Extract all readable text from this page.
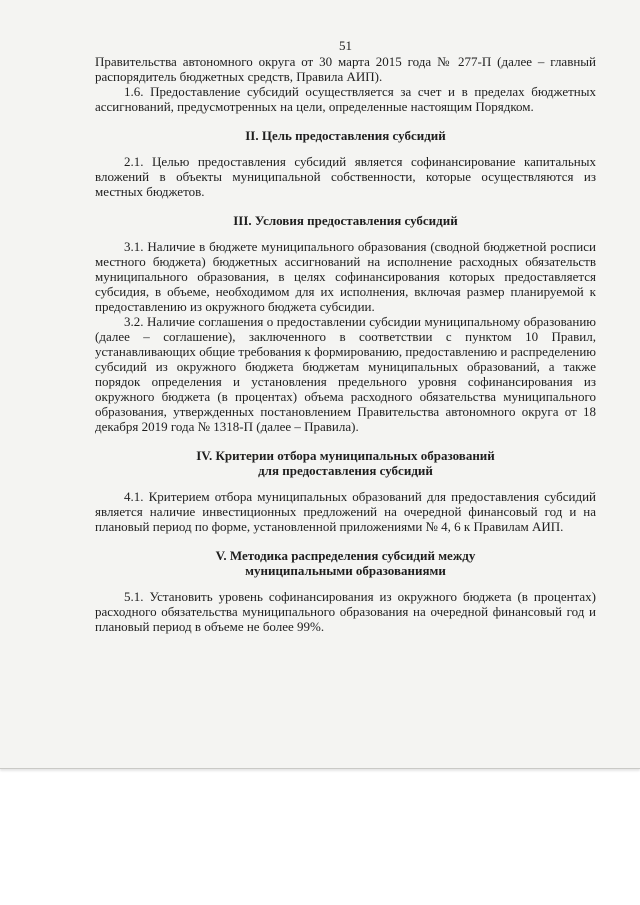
51

Правительства автономного округа от 30 марта 2015 года № 277-П (далее – главный распорядитель бюджетных средств, Правила АИП).

1.6. Предоставление субсидий осуществляется за счет и в пределах бюджетных ассигнований, предусмотренных на цели, определенные настоящим Порядком.

II. Цель предоставления субсидий

2.1. Целью предоставления субсидий является софинансирование капитальных вложений в объекты муниципальной собственности, которые осуществляются из местных бюджетов.

III. Условия предоставления субсидий

3.1. Наличие в бюджете муниципального образования (сводной бюджетной росписи местного бюджета) бюджетных ассигнований на исполнение расходных обязательств муниципального образования, в целях софинансирования которых предоставляется субсидия, в объеме, необходимом для их исполнения, включая размер планируемой к предоставлению из окружного бюджета субсидии.

3.2. Наличие соглашения о предоставлении субсидии муниципальному образованию (далее – соглашение), заключенного в соответствии с пунктом 10 Правил, устанавливающих общие требования к формированию, предоставлению и распределению субсидий из окружного бюджета бюджетам муниципальных образований, а также порядок определения и установления предельного уровня софинансирования из окружного бюджета (в процентах) объема расходного обязательства муниципального образования, утвержденных постановлением Правительства автономного округа от 18 декабря 2019 года № 1318-П (далее – Правила).

IV. Критерии отбора муниципальных образований
для предоставления субсидий

4.1. Критерием отбора муниципальных образований для предоставления субсидий является наличие инвестиционных предложений на очередной финансовый год и на плановый период по форме, установленной приложениями № 4, 6 к Правилам АИП.

V. Методика распределения субсидий между
муниципальными образованиями

5.1. Установить уровень софинансирования из окружного бюджета (в процентах) расходного обязательства муниципального образования на очередной финансовый год и плановый период в объеме не более 99%.
